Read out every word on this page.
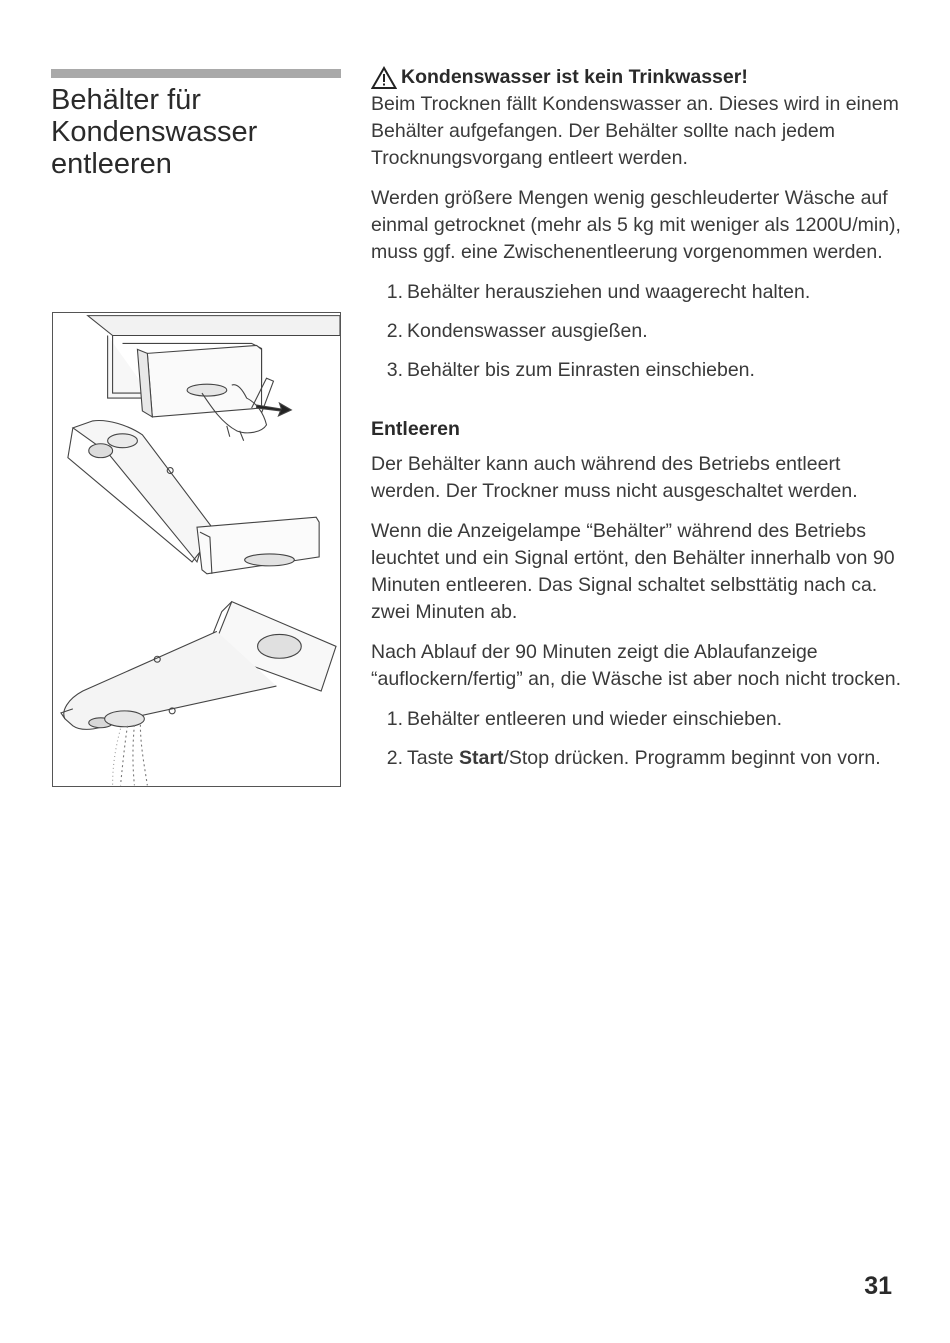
Behälter für
Kondenswasser
entleeren
Kondenswasser ist kein Trinkwasser!

Beim Trocknen fällt Kondenswasser an. Dieses wird in einem Behälter aufgefangen. Der Behälter sollte nach jedem Trocknungsvorgang entleert werden.

Werden größere Mengen wenig geschleuderter Wäsche auf einmal getrocknet (mehr als 5 kg mit weniger als 1200U/min), muss ggf. eine Zwischenentleerung vorgenommen werden.

1. Behälter herausziehen und waagerecht halten.
2. Kondenswasser ausgießen.
3. Behälter bis zum Einrasten einschieben.
Entleeren

Der Behälter kann auch während des Betriebs entleert werden. Der Trockner muss nicht ausgeschaltet werden.

Wenn die Anzeigelampe “Behälter” während des Betriebs leuchtet und ein Signal ertönt, den Behälter innerhalb von 90 Minuten entleeren. Das Signal schaltet selbsttätig nach ca. zwei Minuten ab.

Nach Ablauf der 90 Minuten zeigt die Ablaufanzeige “auflockern/fertig” an, die Wäsche ist aber noch nicht trocken.

1. Behälter entleeren und wieder einschieben.
2. Taste Start/Stop drücken. Programm beginnt von vorn.
31
